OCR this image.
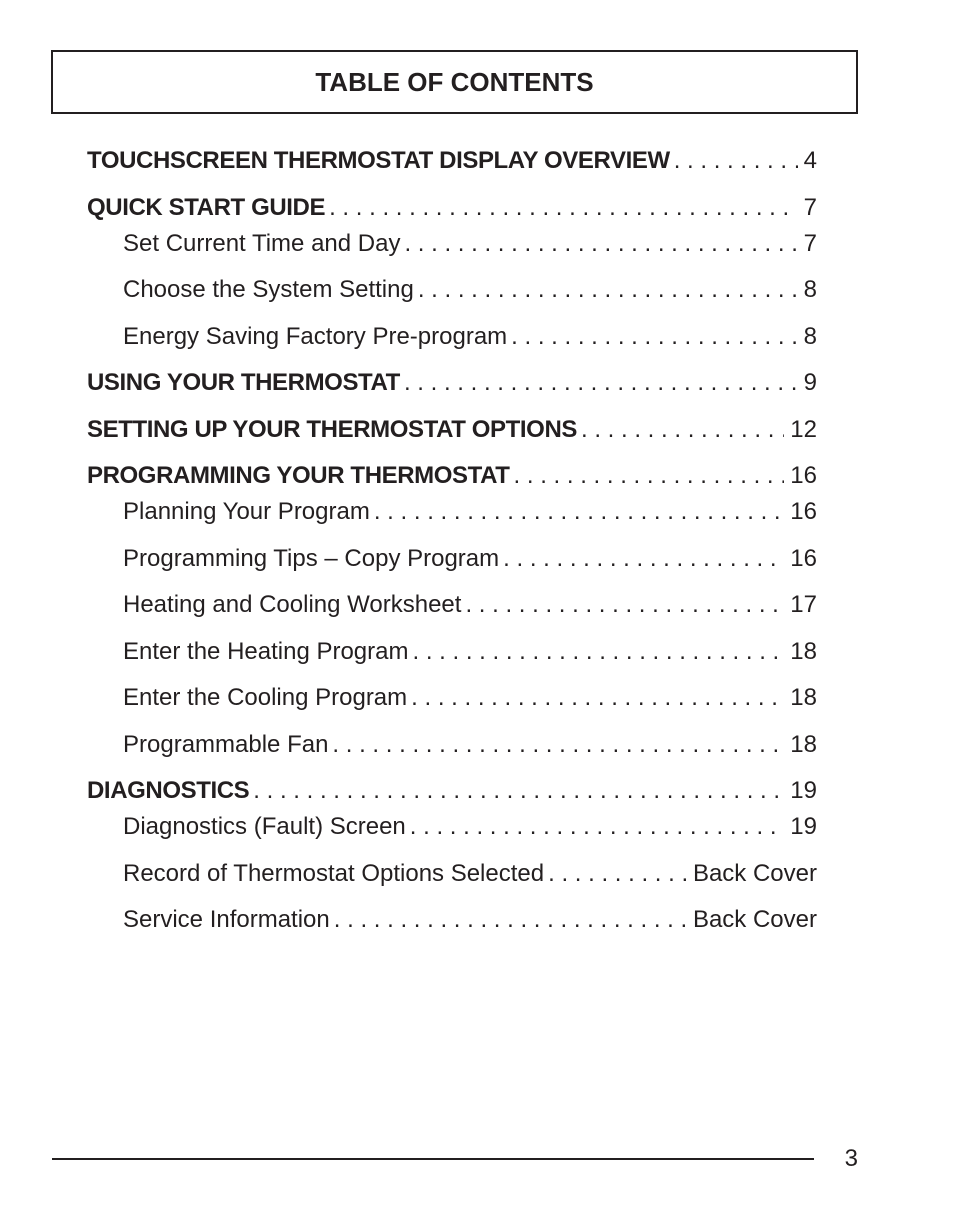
TABLE OF CONTENTS
TOUCHSCREEN THERMOSTAT DISPLAY OVERVIEW . . .	4
QUICK START GUIDE . . .	7
Set Current Time and Day . . .	7
Choose the System Setting . . .	8
Energy Saving Factory Pre-program . . .	8
USING YOUR THERMOSTAT . . .	9
SETTING UP YOUR THERMOSTAT OPTIONS . . .	12
PROGRAMMING YOUR THERMOSTAT . . .	16
Planning Your Program . . .	16
Programming Tips – Copy Program . . .	16
Heating and Cooling Worksheet . . .	17
Enter the Heating Program . . .	18
Enter the Cooling Program . . .	18
Programmable Fan . . .	18
DIAGNOSTICS . . .	19
Diagnostics (Fault) Screen . . .	19
Record of Thermostat Options Selected . . .	Back Cover
Service Information . . .	Back Cover
3
